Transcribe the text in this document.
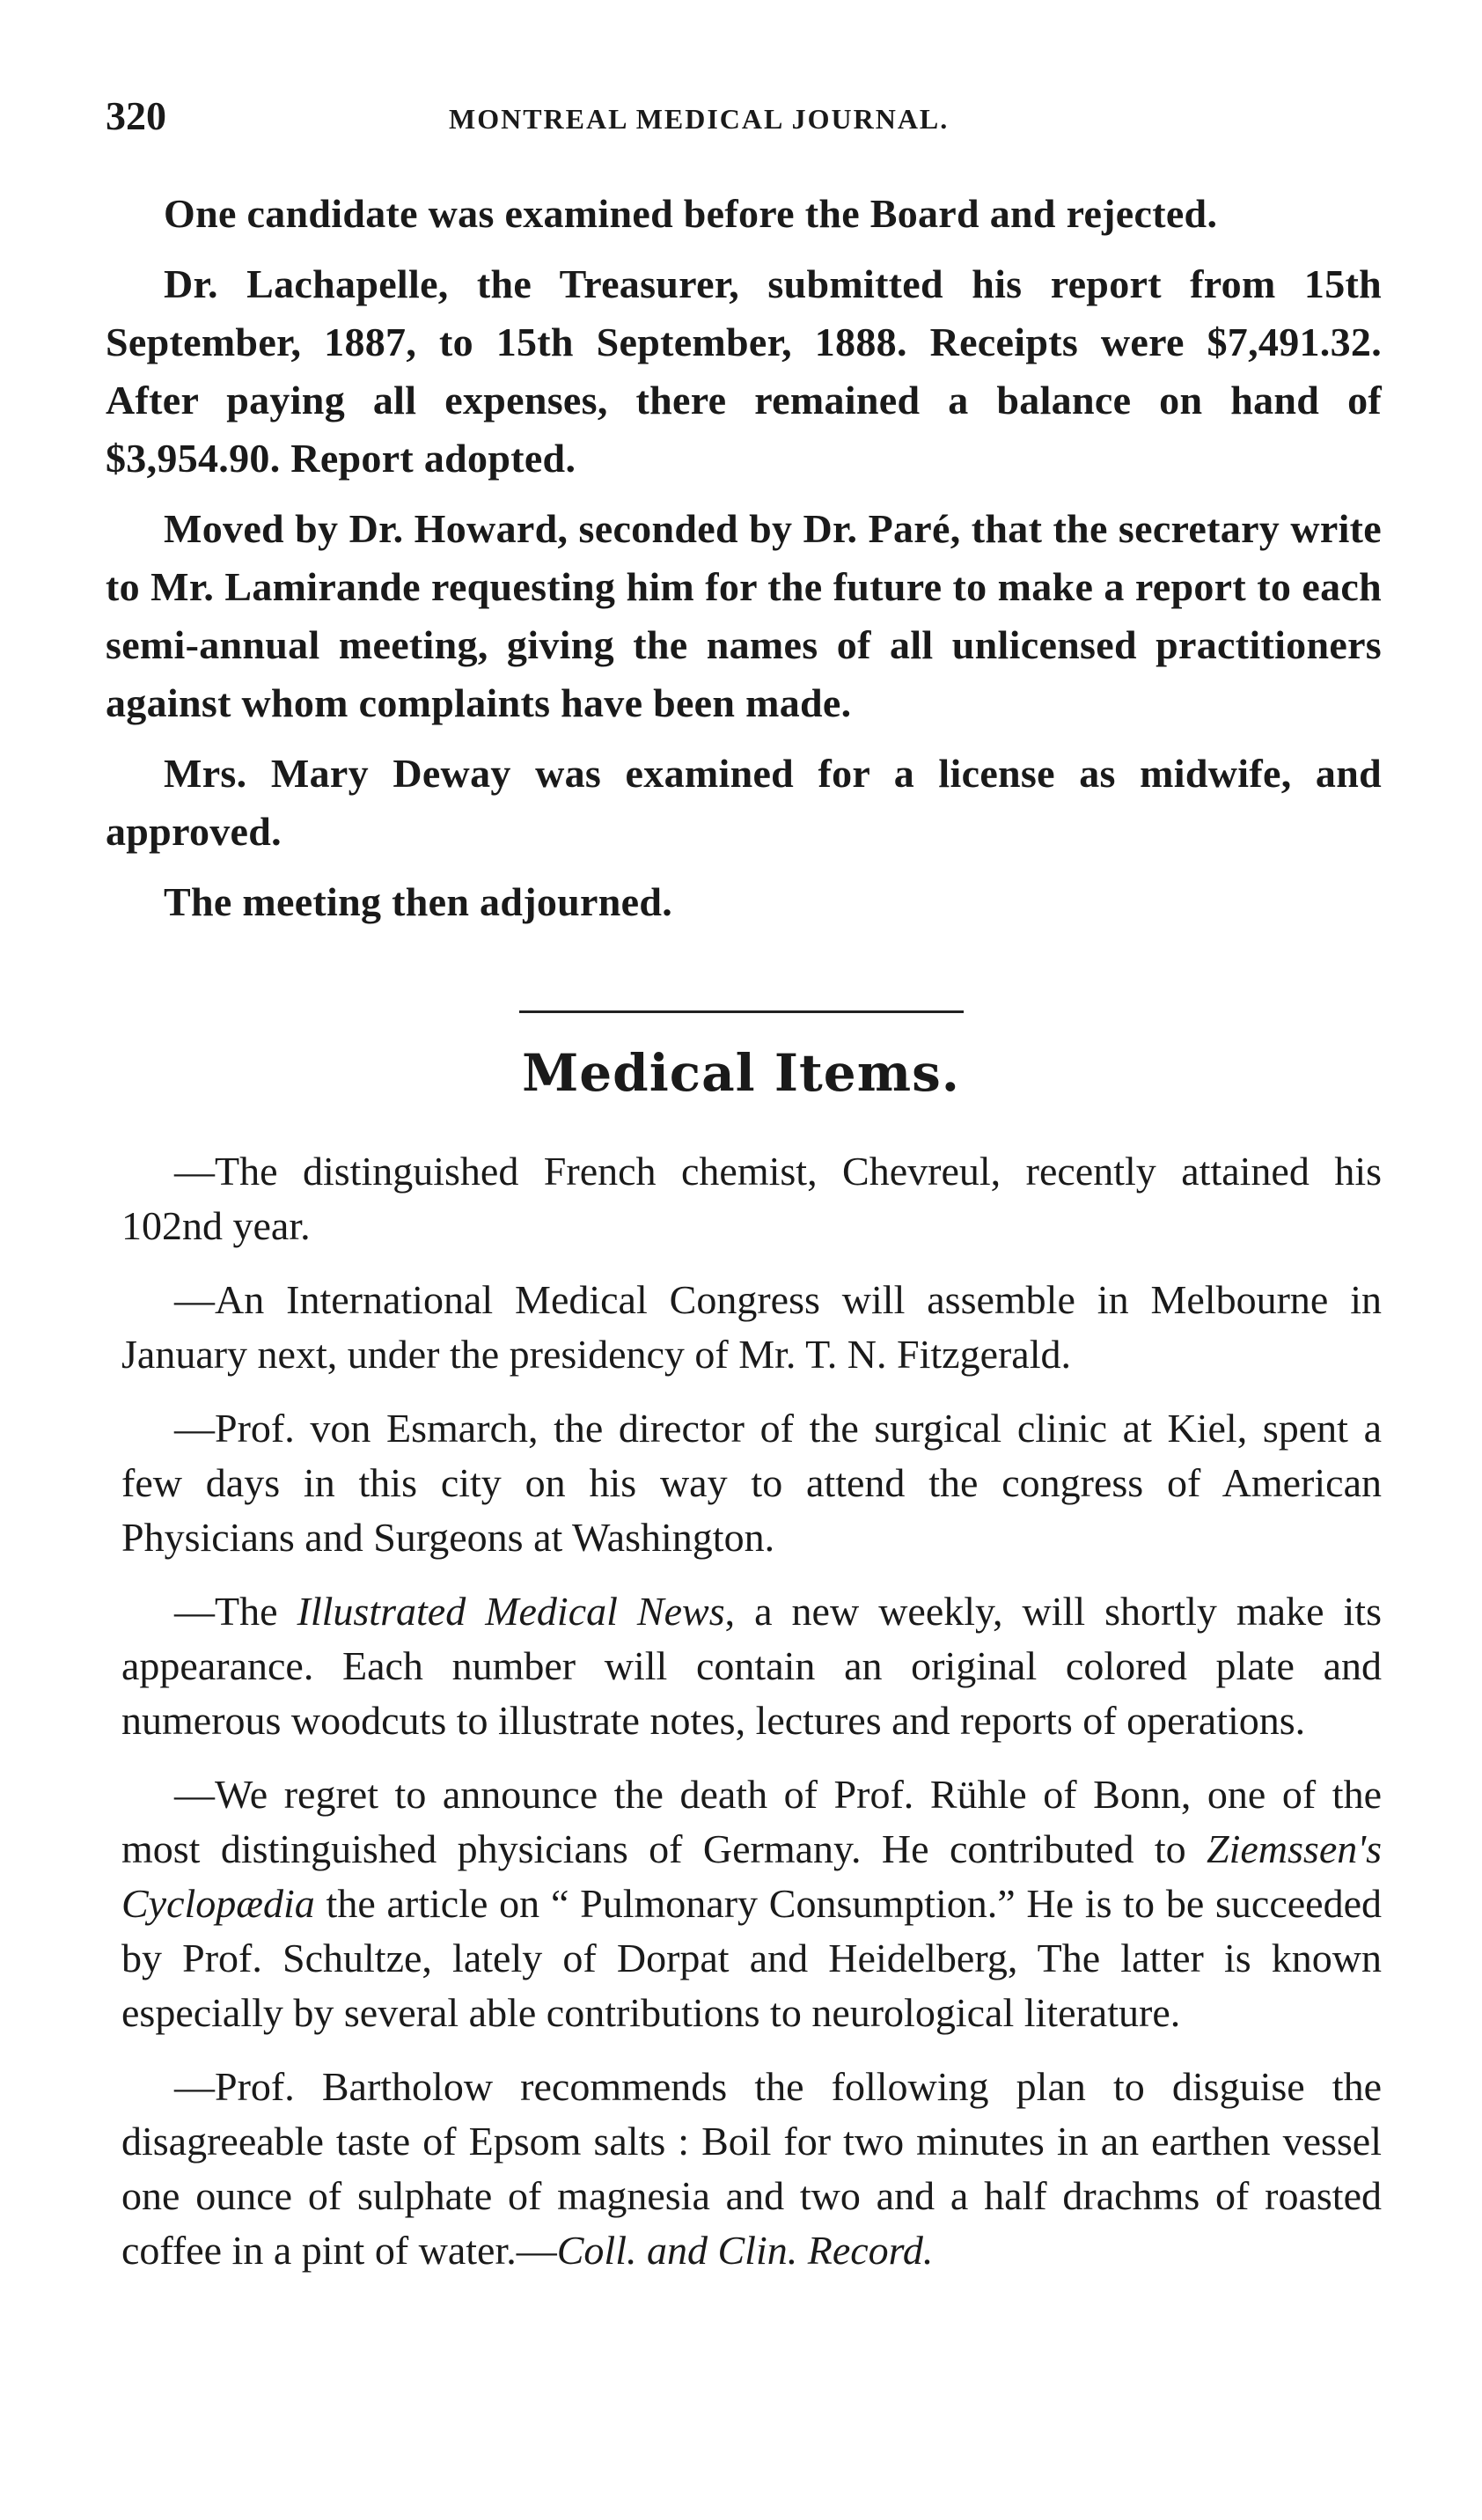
320	MONTREAL MEDICAL JOURNAL.

One candidate was examined before the Board and rejected.

Dr. Lachapelle, the Treasurer, submitted his report from 15th September, 1887, to 15th September, 1888. Receipts were $7,491.32. After paying all expenses, there remained a balance on hand of $3,954.90. Report adopted.

Moved by Dr. Howard, seconded by Dr. Paré, that the secretary write to Mr. Lamirande requesting him for the future to make a report to each semi-annual meeting, giving the names of all unlicensed practitioners against whom complaints have been made.

Mrs. Mary Deway was examined for a license as midwife, and approved.

The meeting then adjourned.

Medical Items.

—The distinguished French chemist, Chevreul, recently attained his 102nd year.

—An International Medical Congress will assemble in Melbourne in January next, under the presidency of Mr. T. N. Fitzgerald.

—Prof. von Esmarch, the director of the surgical clinic at Kiel, spent a few days in this city on his way to attend the congress of American Physicians and Surgeons at Washington.

—The Illustrated Medical News, a new weekly, will shortly make its appearance. Each number will contain an original colored plate and numerous woodcuts to illustrate notes, lectures and reports of operations.

—We regret to announce the death of Prof. Rühle of Bonn, one of the most distinguished physicians of Germany. He contributed to Ziemssen's Cyclopædia the article on “ Pulmonary Consumption.” He is to be succeeded by Prof. Schultze, lately of Dorpat and Heidelberg, The latter is known especially by several able contributions to neurological literature.

—Prof. Bartholow recommends the following plan to disguise the disagreeable taste of Epsom salts : Boil for two minutes in an earthen vessel one ounce of sulphate of magnesia and two and a half drachms of roasted coffee in a pint of water.—Coll. and Clin. Record.
